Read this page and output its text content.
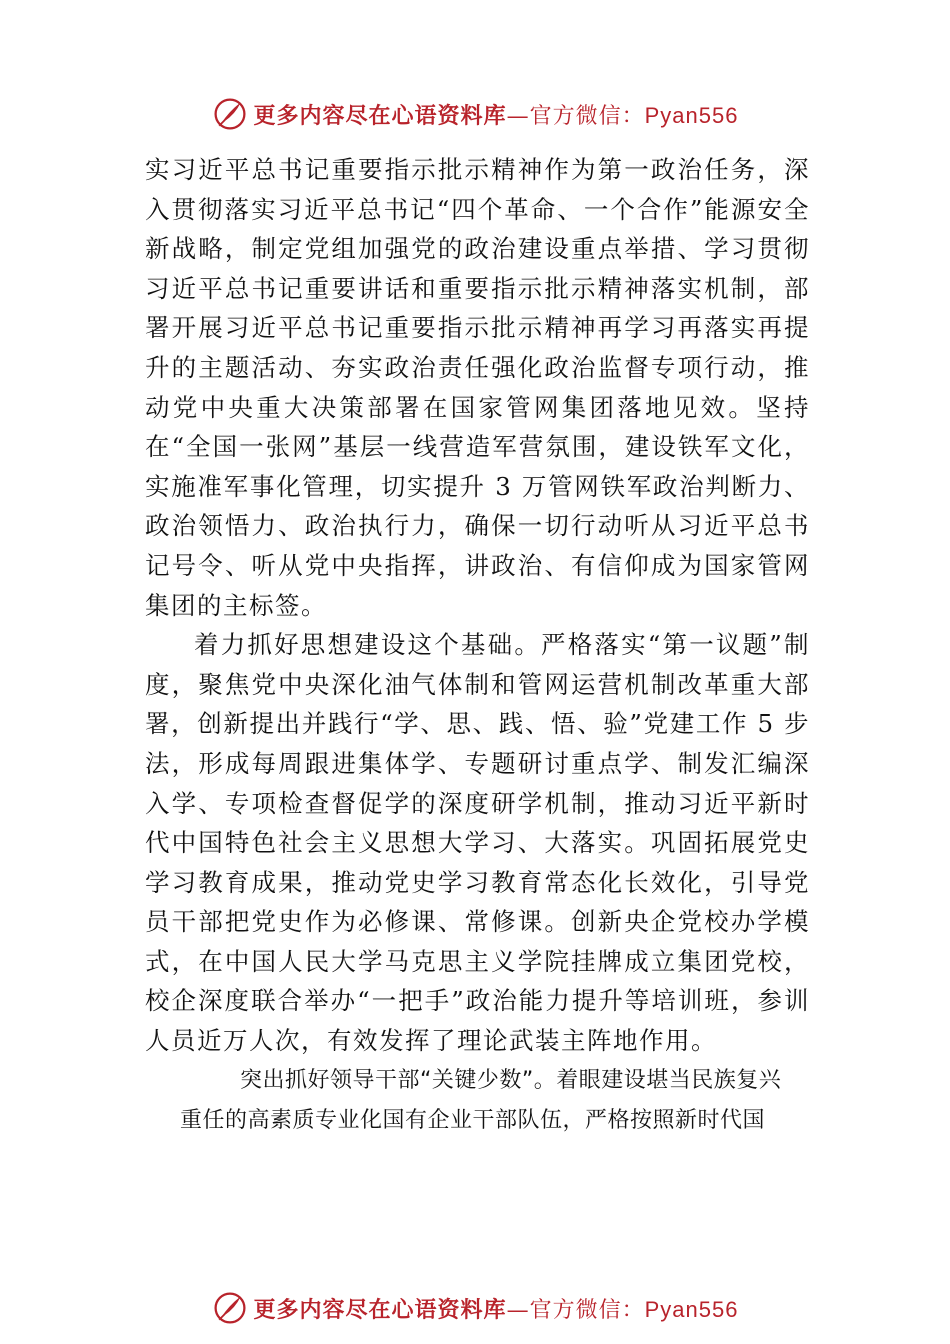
更多内容尽在心语资料库—官方微信：Pyan556

实习近平总书记重要指示批示精神作为第一政治任务，深入贯彻落实习近平总书记“四个革命、一个合作”能源安全新战略，制定党组加强党的政治建设重点举措、学习贯彻习近平总书记重要讲话和重要指示批示精神落实机制，部署开展习近平总书记重要指示批示精神再学习再落实再提升的主题活动、夯实政治责任强化政治监督专项行动，推动党中央重大决策部署在国家管网集团落地见效。坚持在“全国一张网”基层一线营造军营氛围，建设铁军文化，实施准军事化管理，切实提升 3 万管网铁军政治判断力、政治领悟力、政治执行力，确保一切行动听从习近平总书记号令、听从党中央指挥，讲政治、有信仰成为国家管网集团的主标签。

着力抓好思想建设这个基础。严格落实“第一议题”制度，聚焦党中央深化油气体制和管网运营机制改革重大部署，创新提出并践行“学、思、践、悟、验”党建工作 5 步法，形成每周跟进集体学、专题研讨重点学、制发汇编深入学、专项检查督促学的深度研学机制，推动习近平新时代中国特色社会主义思想大学习、大落实。巩固拓展党史学习教育成果，推动党史学习教育常态化长效化，引导党员干部把党史作为必修课、常修课。创新央企党校办学模式，在中国人民大学马克思主义学院挂牌成立集团党校，校企深度联合举办“一把手”政治能力提升等培训班，参训人员近万人次，有效发挥了理论武装主阵地作用。

突出抓好领导干部“关键少数”。着眼建设堪当民族复兴
重任的高素质专业化国有企业干部队伍，严格按照新时代国

更多内容尽在心语资料库—官方微信：Pyan556
